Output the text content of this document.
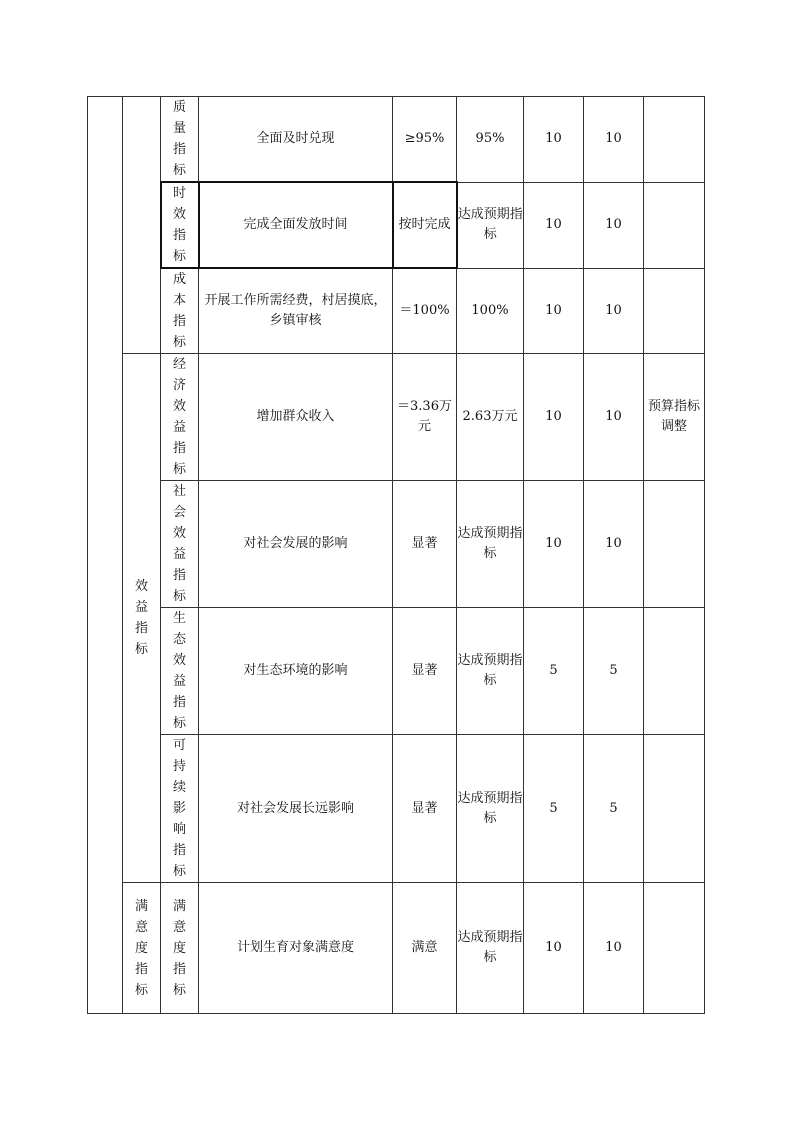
		质量指标	全面及时兑现	≥95%	95%	10	10	
		时效指标	完成全面发放时间	按时完成	达成预期指标	10	10	
		成本指标	开展工作所需经费，村居摸底，乡镇审核	＝100%	100%	10	10	
	效益指标	经济效益指标	增加群众收入	＝3.36万元	2.63万元	10	10	预算指标调整
		社会效益指标	对社会发展的影响	显著	达成预期指标	10	10	
		生态效益指标	对生态环境的影响	显著	达成预期指标	5	5	
		可持续影响指标	对社会发展长远影响	显著	达成预期指标	5	5	
	满意度指标	满意度指标	计划生育对象满意度	满意	达成预期指标	10	10	
